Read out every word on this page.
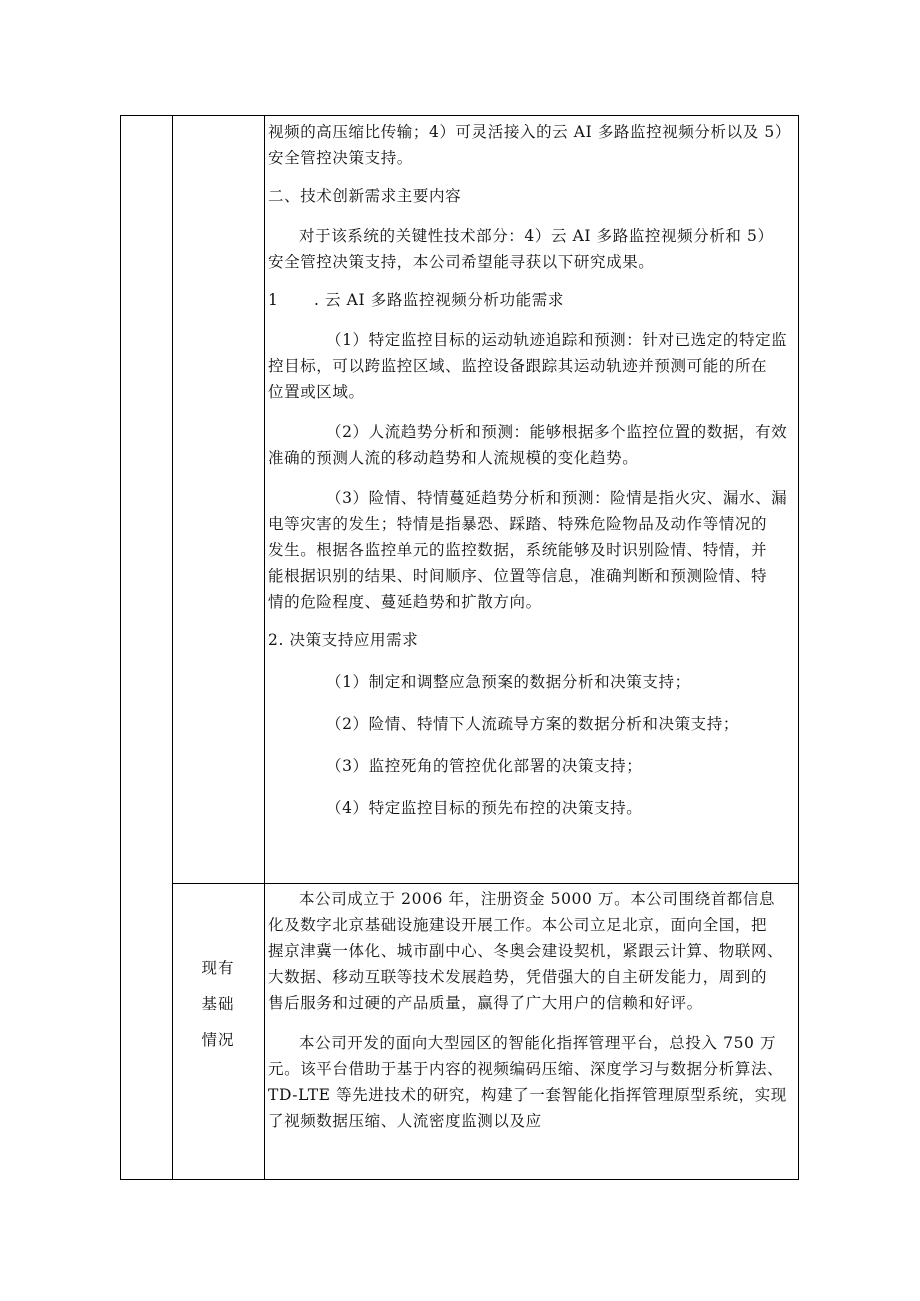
视频的高压缩比传输；4）可灵活接入的云 AI 多路监控视频分析以及 5）

安全管控决策支持。

二、技术创新需求主要内容

对于该系统的关键性技术部分：4）云 AI 多路监控视频分析和 5）

安全管控决策支持，本公司希望能寻获以下研究成果。

1 . 云 AI 多路监控视频分析功能需求

（1）特定监控目标的运动轨迹追踪和预测：针对已选定的特定监

控目标，可以跨监控区域、监控设备跟踪其运动轨迹并预测可能的所在

位置或区域。

（2）人流趋势分析和预测：能够根据多个监控位置的数据，有效

准确的预测人流的移动趋势和人流规模的变化趋势。

（3）险情、特情蔓延趋势分析和预测：险情是指火灾、漏水、漏

电等灾害的发生；特情是指暴恐、踩踏、特殊危险物品及动作等情况的

发生。根据各监控单元的监控数据，系统能够及时识别险情、特情，并

能根据识别的结果、时间顺序、位置等信息，准确判断和预测险情、特

情的危险程度、蔓延趋势和扩散方向。

2. 决策支持应用需求

（1）制定和调整应急预案的数据分析和决策支持；

（2）险情、特情下人流疏导方案的数据分析和决策支持；

（3）监控死角的管控优化部署的决策支持；

（4）特定监控目标的预先布控的决策支持。

现有
基础
情况

本公司成立于 2006 年，注册资金 5000 万。本公司围绕首都信息

化及数字北京基础设施建设开展工作。本公司立足北京，面向全国，把

握京津冀一体化、城市副中心、冬奥会建设契机，紧跟云计算、物联网、

大数据、移动互联等技术发展趋势，凭借强大的自主研发能力，周到的

售后服务和过硬的产品质量，赢得了广大用户的信赖和好评。

本公司开发的面向大型园区的智能化指挥管理平台，总投入 750 万

元。该平台借助于基于内容的视频编码压缩、深度学习与数据分析算法、

TD-LTE 等先进技术的研究，构建了一套智能化指挥管理原型系统，实现

了视频数据压缩、人流密度监测以及应
